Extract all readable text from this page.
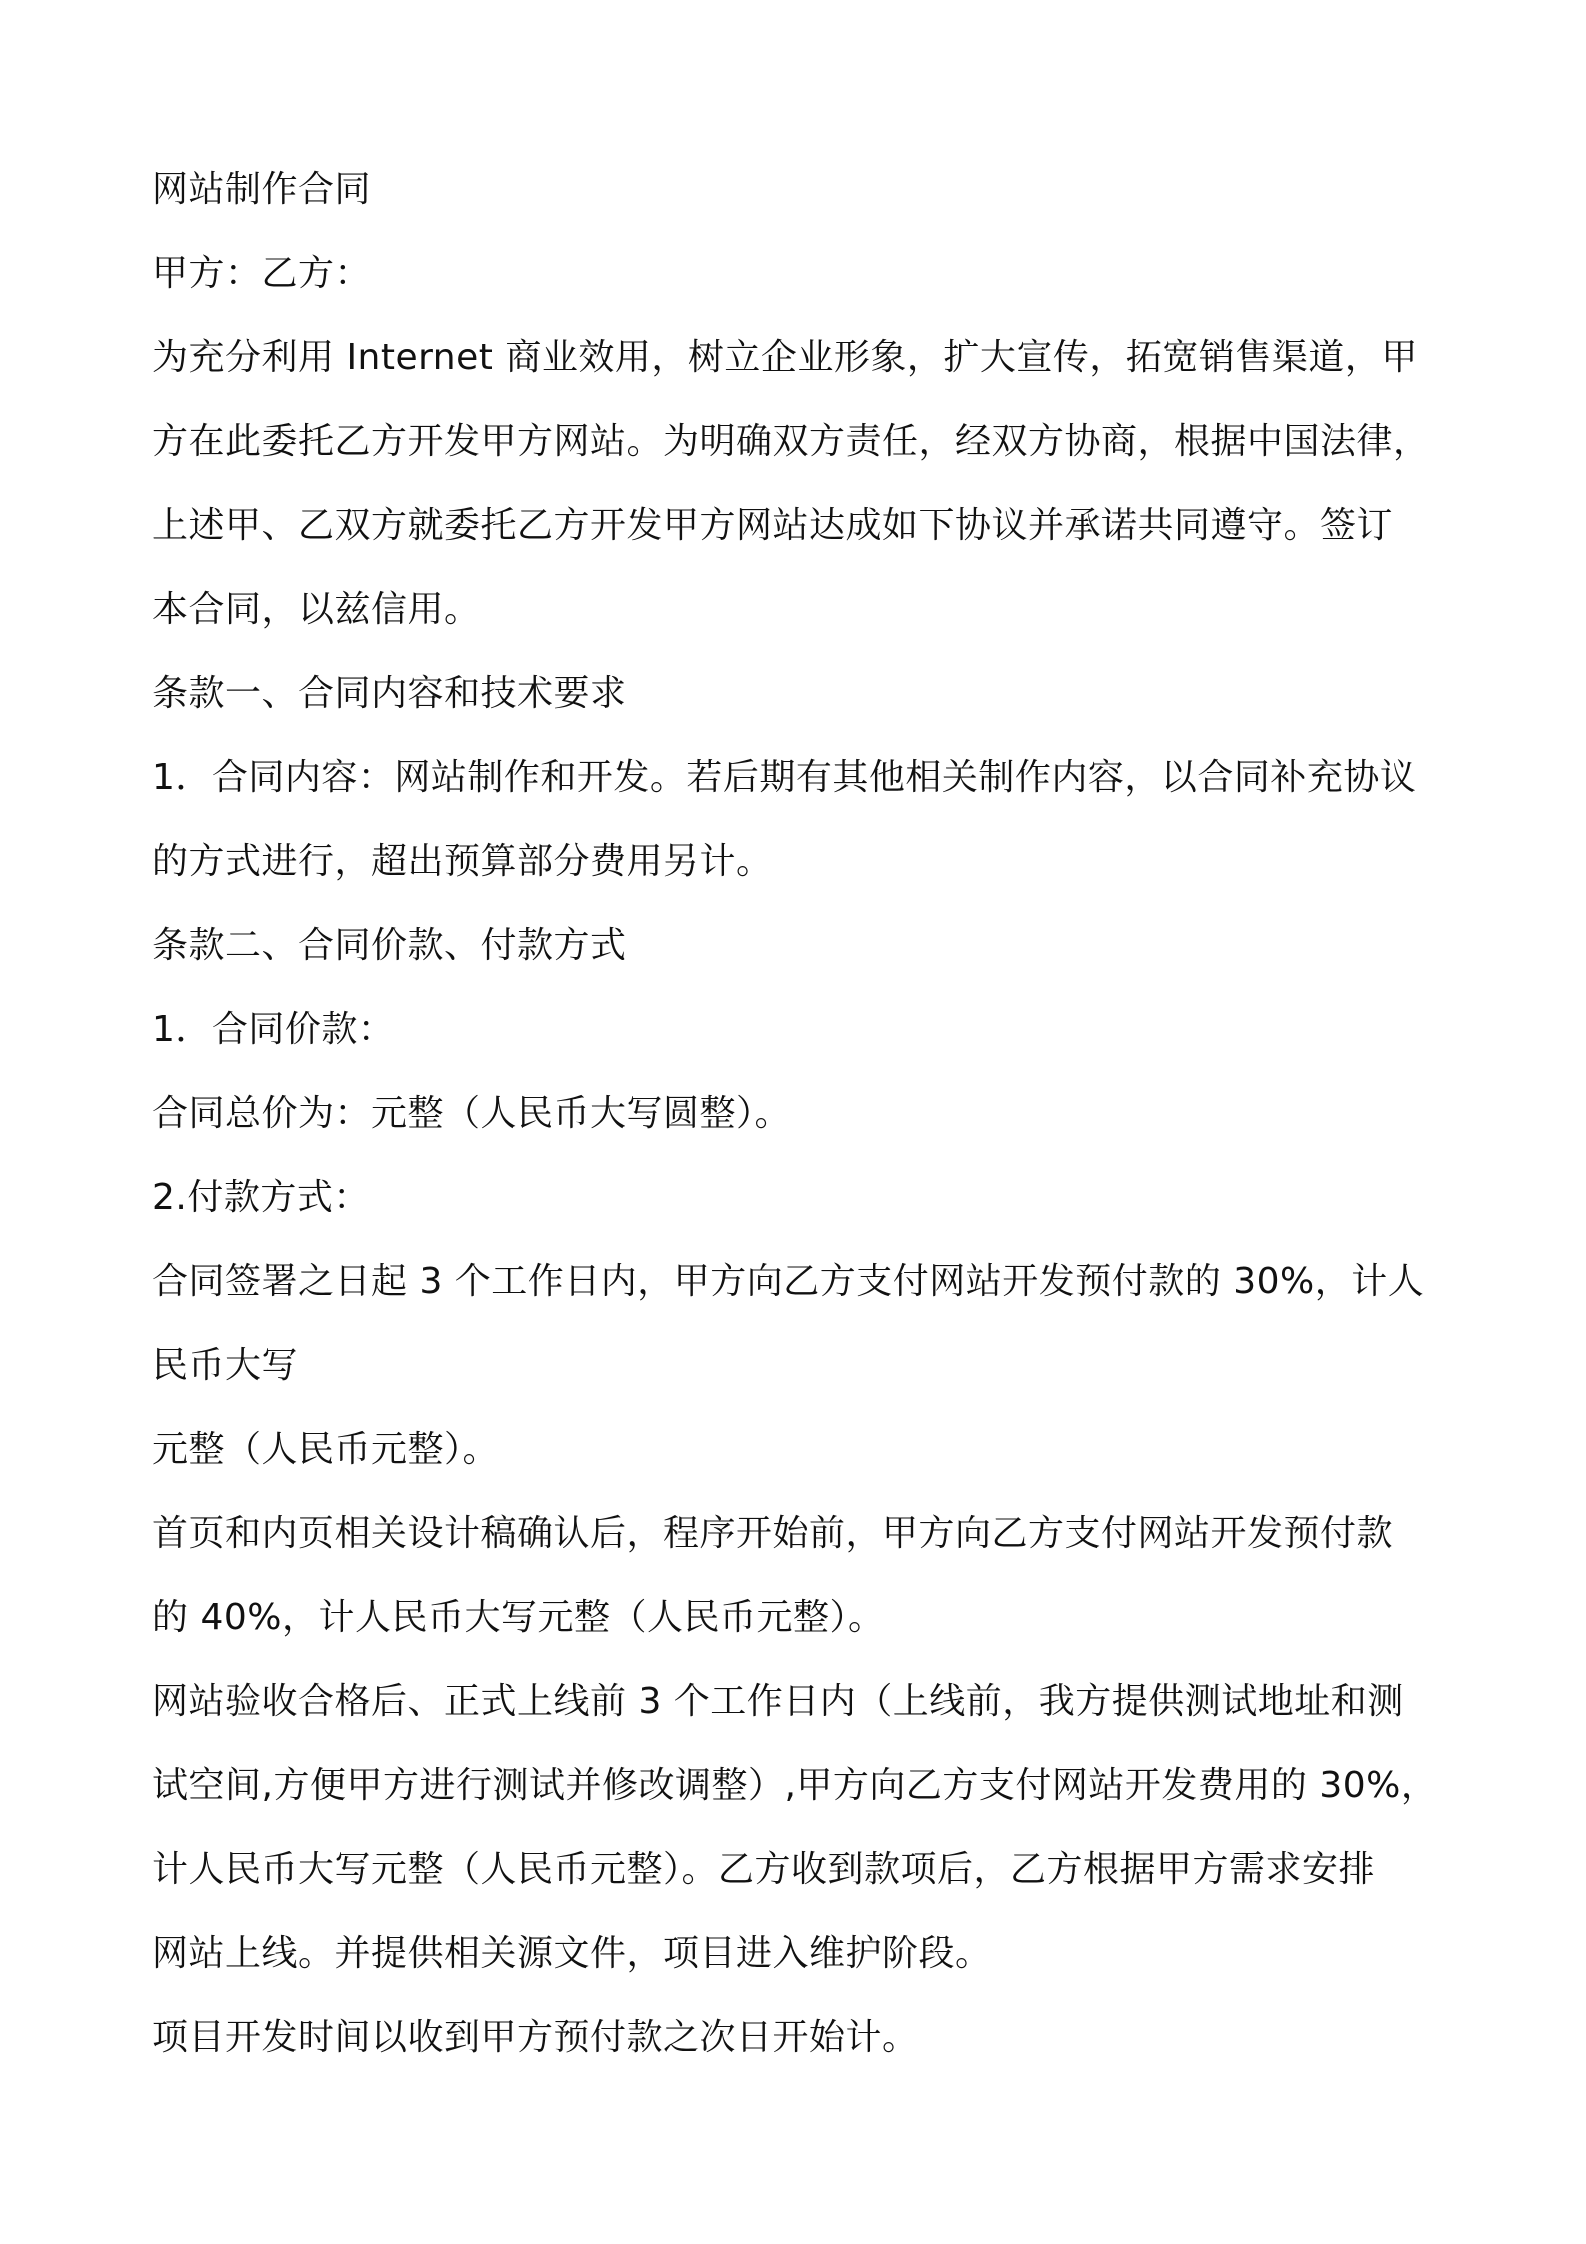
网站制作合同
甲方：乙方：
为充分利用 Internet 商业效用，树立企业形象，扩大宣传，拓宽销售渠道，甲
方在此委托乙方开发甲方网站。为明确双方责任，经双方协商，根据中国法律，
上述甲、乙双方就委托乙方开发甲方网站达成如下协议并承诺共同遵守。签订
本合同，以兹信用。
条款一、合同内容和技术要求
1．合同内容：网站制作和开发。若后期有其他相关制作内容，以合同补充协议
的方式进行，超出预算部分费用另计。
条款二、合同价款、付款方式
1．合同价款：
合同总价为：元整（人民币大写圆整）。
2.付款方式：
合同签署之日起 3 个工作日内，甲方向乙方支付网站开发预付款的 30%，计人
民币大写
元整（人民币元整）。
首页和内页相关设计稿确认后，程序开始前，甲方向乙方支付网站开发预付款
的 40%，计人民币大写元整（人民币元整）。
网站验收合格后、正式上线前 3 个工作日内（上线前，我方提供测试地址和测
试空间,方便甲方进行测试并修改调整）,甲方向乙方支付网站开发费用的 30%，
计人民币大写元整（人民币元整）。乙方收到款项后，乙方根据甲方需求安排
网站上线。并提供相关源文件，项目进入维护阶段。
项目开发时间以收到甲方预付款之次日开始计。
